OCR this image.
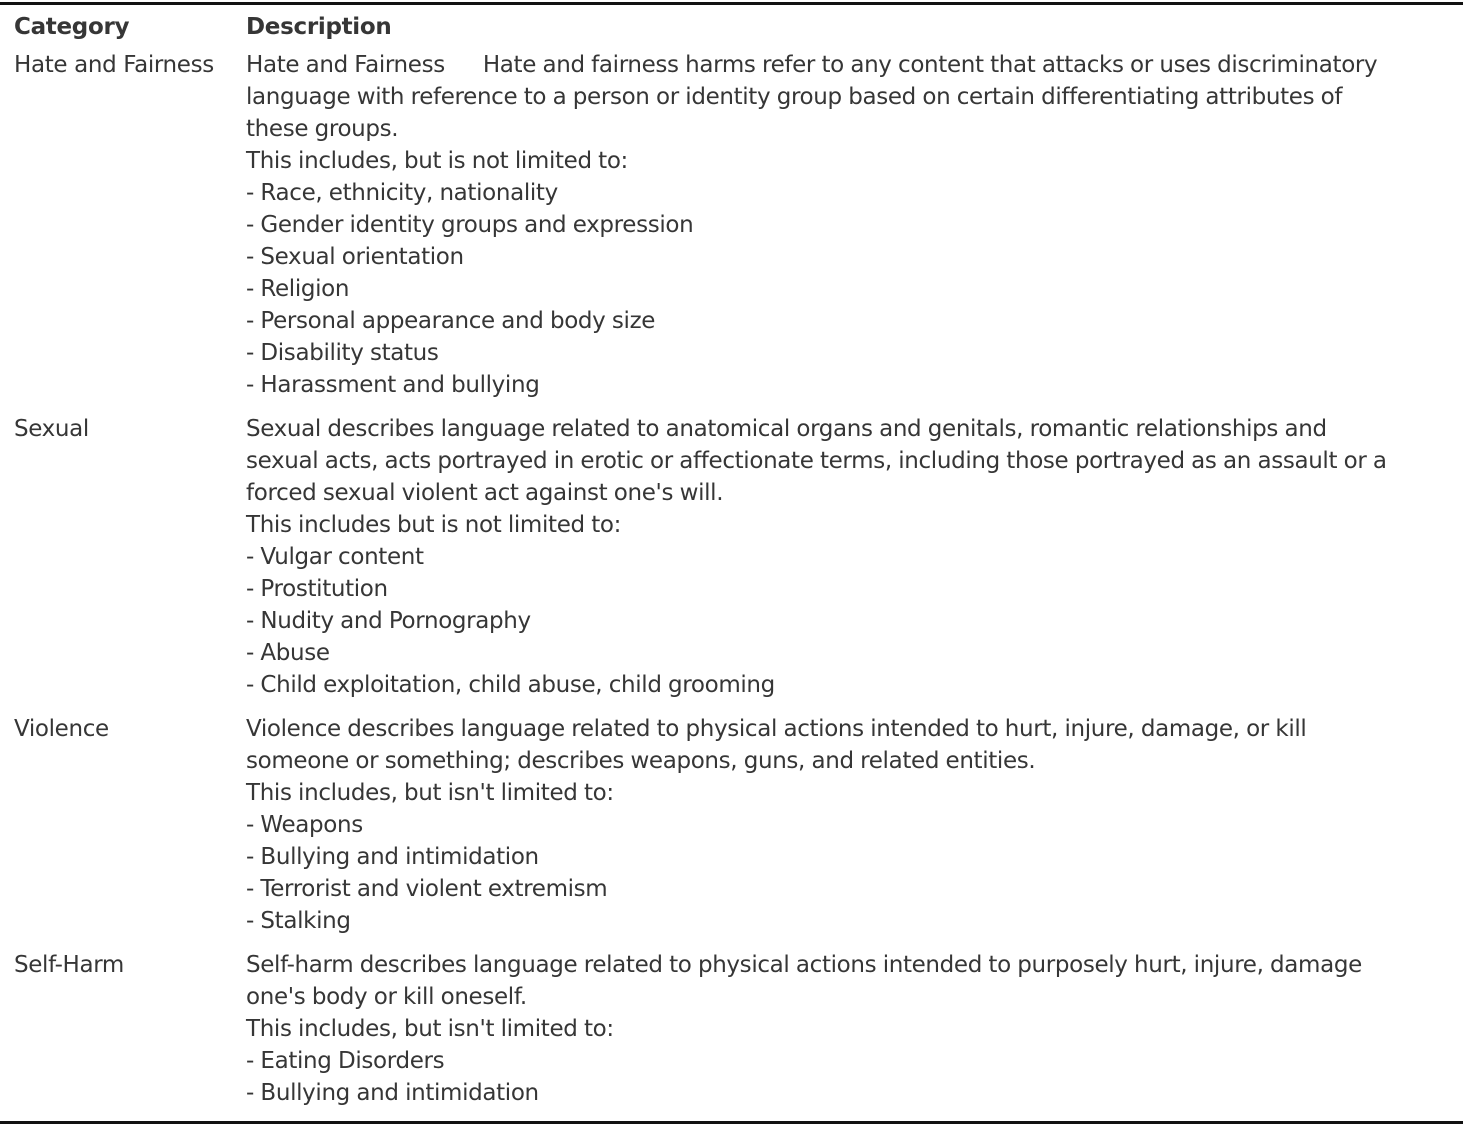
Category	Description
Hate and Fairness	Hate and Fairness Hate and fairness harms refer to any content that attacks or uses discriminatory
language with reference to a person or identity group based on certain differentiating attributes of
these groups.
This includes, but is not limited to:
- Race, ethnicity, nationality
- Gender identity groups and expression
- Sexual orientation
- Religion
- Personal appearance and body size
- Disability status
- Harassment and bullying
Sexual	Sexual describes language related to anatomical organs and genitals, romantic relationships and
sexual acts, acts portrayed in erotic or affectionate terms, including those portrayed as an assault or a
forced sexual violent act against one's will.
This includes but is not limited to:
- Vulgar content
- Prostitution
- Nudity and Pornography
- Abuse
- Child exploitation, child abuse, child grooming
Violence	Violence describes language related to physical actions intended to hurt, injure, damage, or kill
someone or something; describes weapons, guns, and related entities.
This includes, but isn't limited to:
- Weapons
- Bullying and intimidation
- Terrorist and violent extremism
- Stalking
Self-Harm	Self-harm describes language related to physical actions intended to purposely hurt, injure, damage
one's body or kill oneself.
This includes, but isn't limited to:
- Eating Disorders
- Bullying and intimidation
